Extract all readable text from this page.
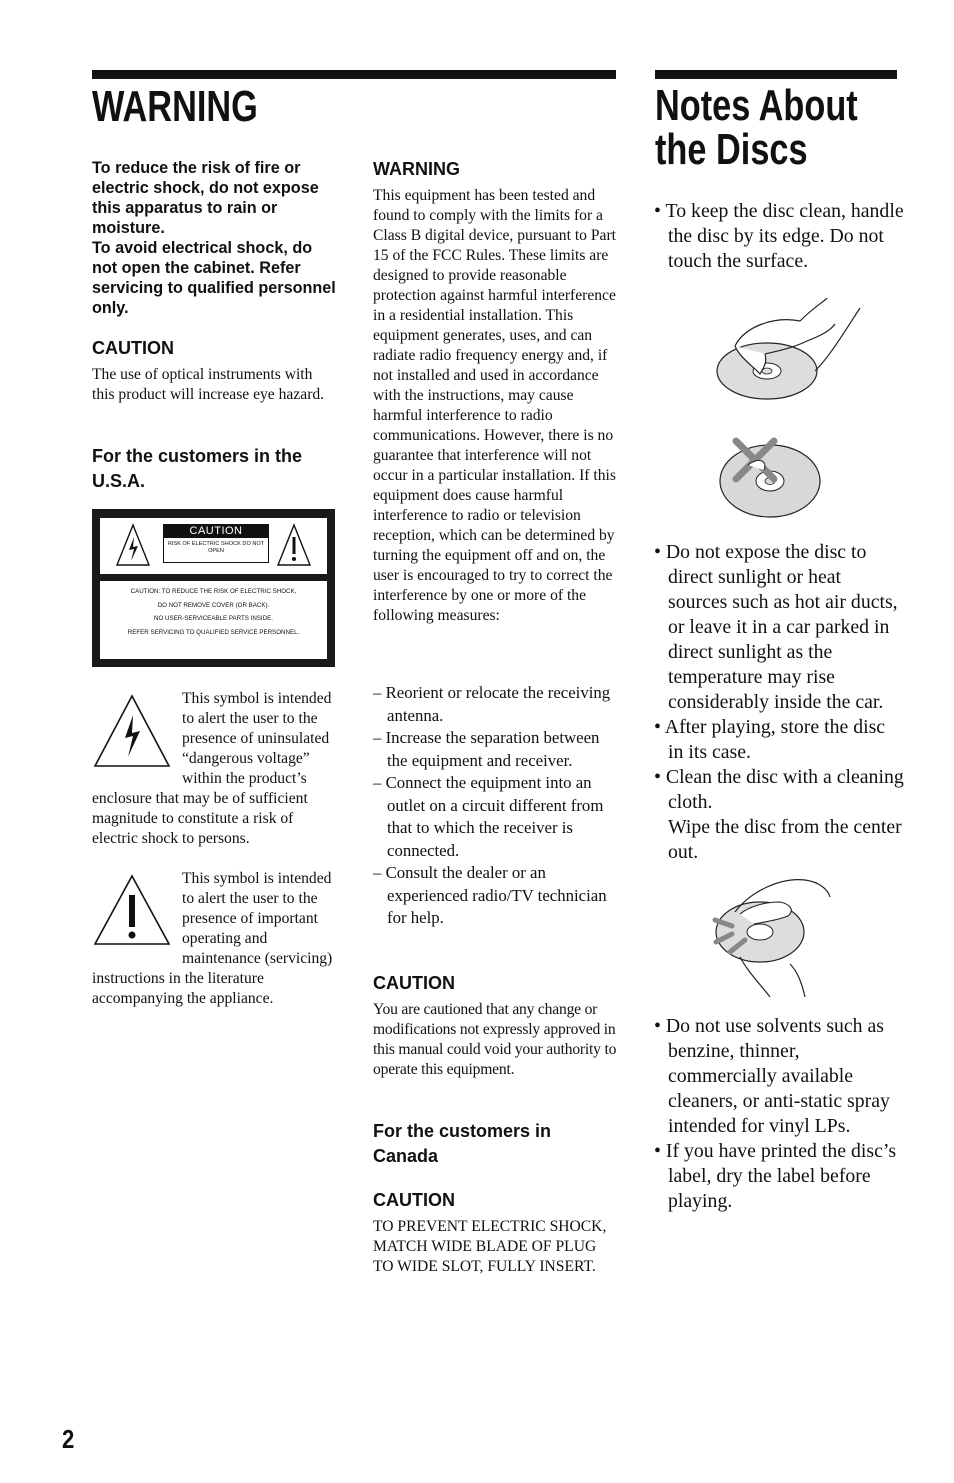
WARNING
To reduce the risk of fire or electric shock, do not expose this apparatus to rain or moisture.
To avoid electrical shock, do not open the cabinet. Refer servicing to qualified personnel only.
CAUTION
The use of optical instruments with this product will increase eye hazard.
For the customers in the U.S.A.
CAUTION
RISK OF ELECTRIC SHOCK DO NOT OPEN
CAUTION: TO REDUCE THE RISK OF ELECTRIC SHOCK,
DO NOT REMOVE COVER (OR BACK).
NO USER-SERVICEABLE PARTS INSIDE.
REFER SERVICING TO QUALIFIED SERVICE PERSONNEL.
This symbol is intended to alert the user to the presence of uninsulated “dangerous voltage” within the product’s enclosure that may be of sufficient magnitude to constitute a risk of electric shock to persons.
This symbol is intended to alert the user to the presence of important operating and maintenance (servicing) instructions in the literature accompanying the appliance.
WARNING
This equipment has been tested and found to comply with the limits for a Class B digital device, pursuant to Part 15 of the FCC Rules. These limits are designed to provide reasonable protection against harmful interference in a residential installation. This equipment generates, uses, and can radiate radio frequency energy and, if not installed and used in accordance with the instructions, may cause harmful interference to radio communications. However, there is no guarantee that interference will not occur in a particular installation. If this equipment does cause harmful interference to radio or television reception, which can be determined by turning the equipment off and on, the user is encouraged to try to correct the interference by one or more of the following measures:
– Reorient or relocate the receiving antenna.
– Increase the separation between the equipment and receiver.
– Connect the equipment into an outlet on a circuit different from that to which the receiver is connected.
– Consult the dealer or an experienced radio/TV technician for help.
CAUTION
You are cautioned that any change or modifications not expressly approved in this manual could void your authority to operate this equipment.
For the customers in Canada
CAUTION
TO PREVENT ELECTRIC SHOCK, MATCH WIDE BLADE OF PLUG TO WIDE SLOT, FULLY INSERT.
Notes About the Discs
• To keep the disc clean, handle the disc by its edge. Do not touch the surface.
• Do not expose the disc to direct sunlight or heat sources such as hot air ducts, or leave it in a car parked in direct sunlight as the temperature may rise considerably inside the car.
• After playing, store the disc in its case.
• Clean the disc with a cleaning cloth.
Wipe the disc from the center out.
• Do not use solvents such as benzine, thinner, commercially available cleaners, or anti-static spray intended for vinyl LPs.
• If you have printed the disc’s label, dry the label before playing.
2
